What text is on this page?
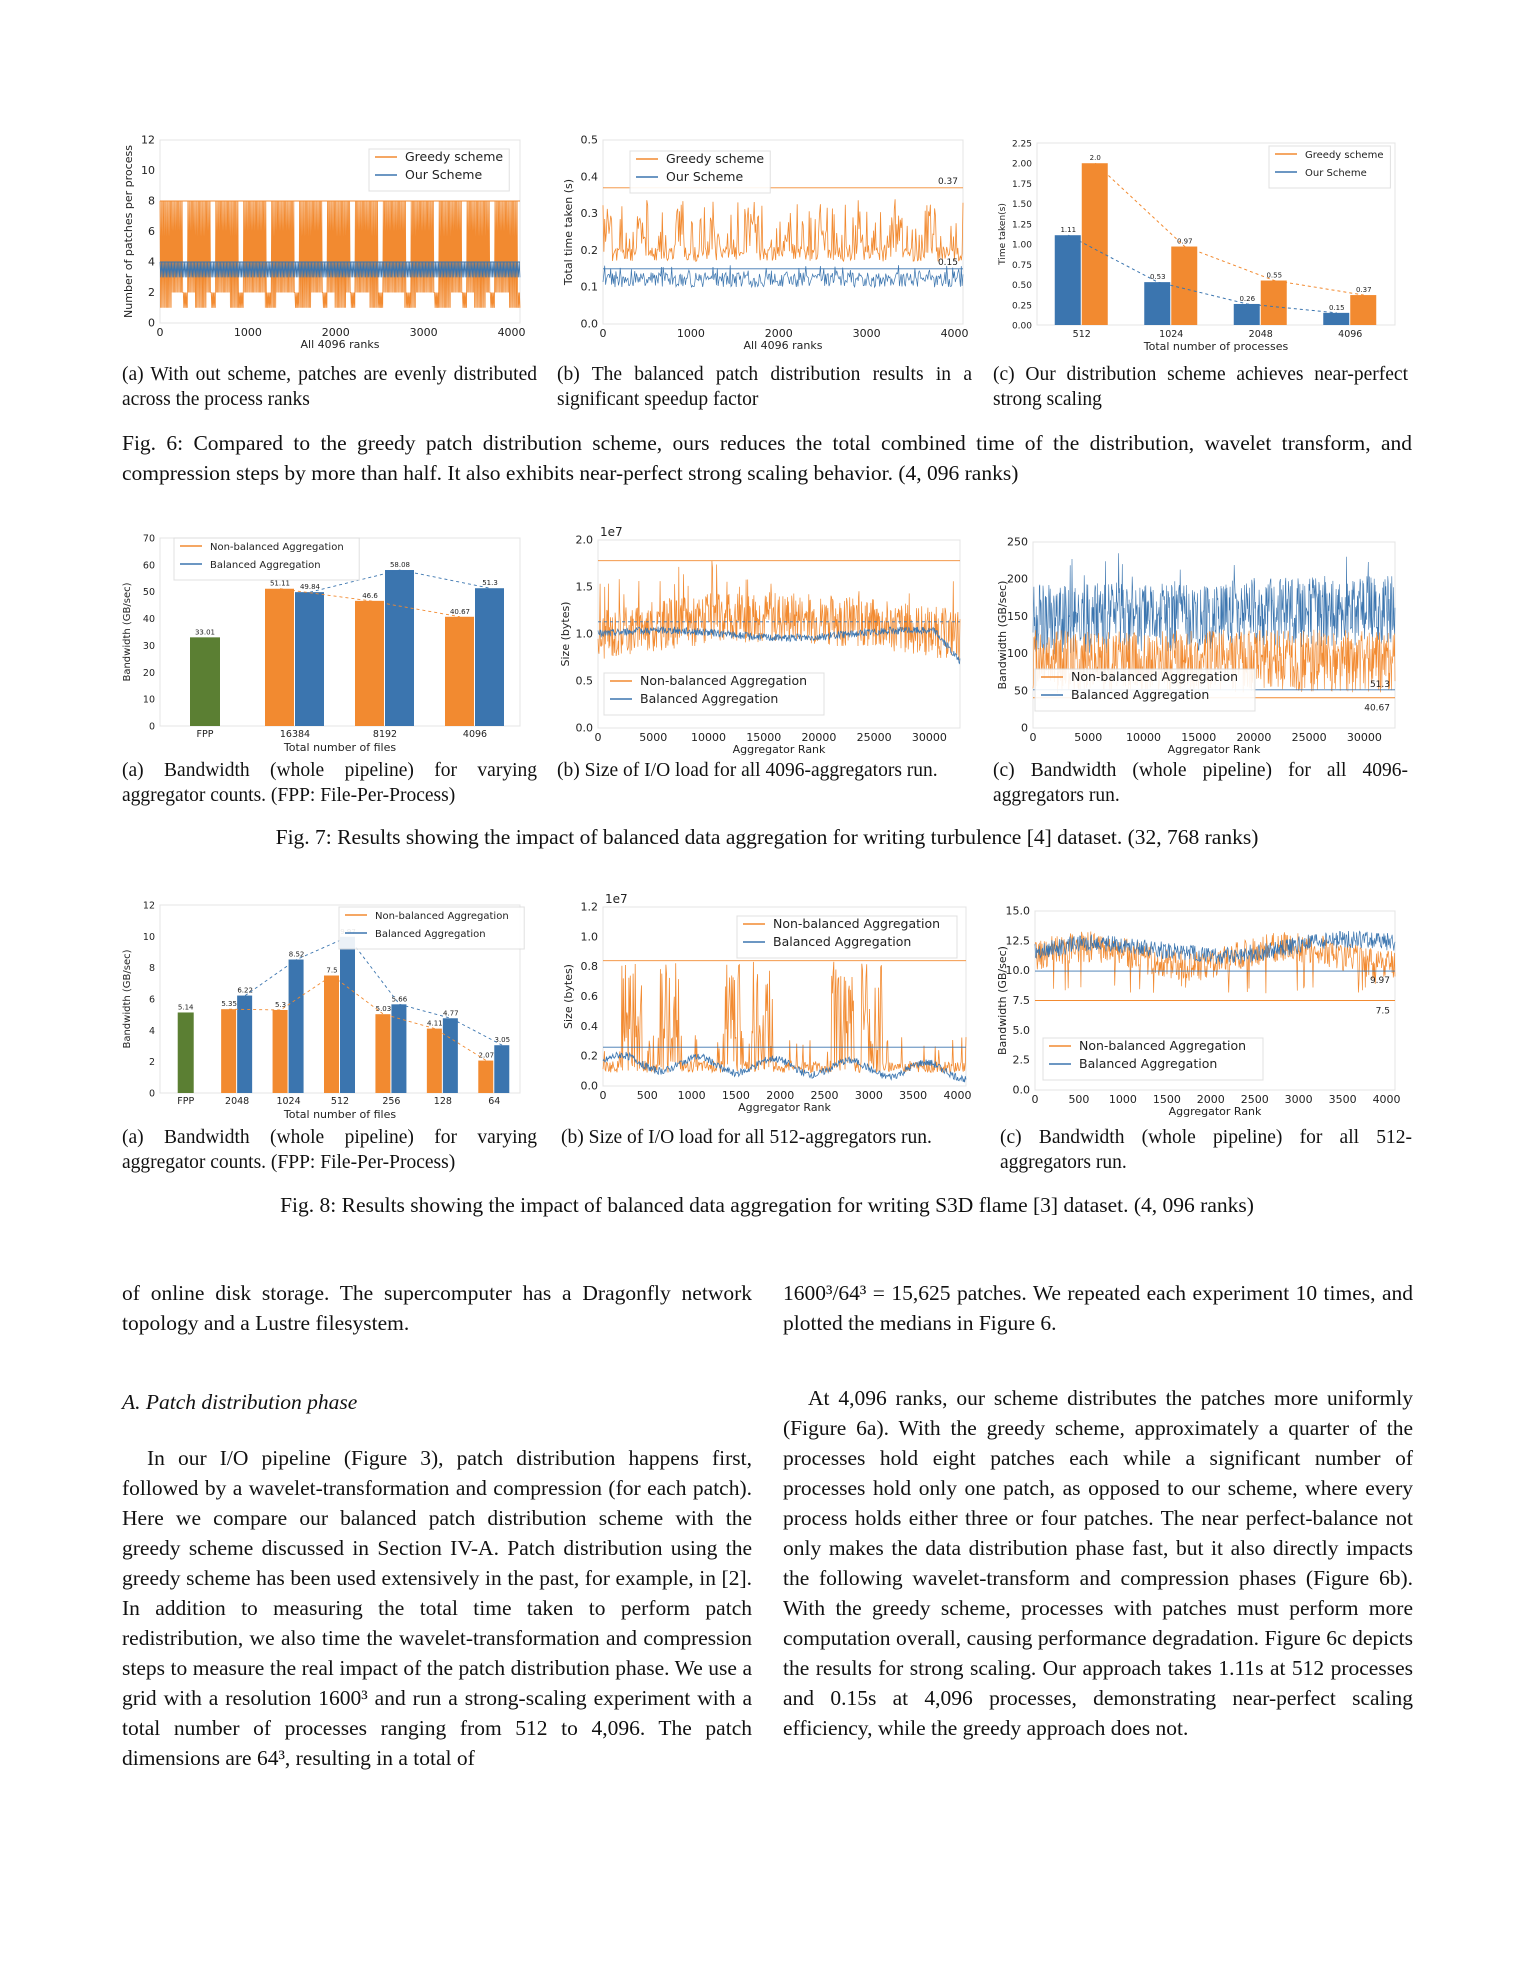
0
2
4
6
8
10
12
0	1000	2000	3000	4000
All 4096 ranks
Number of patches per process	Greedy scheme
Our Scheme
0.0
0.1
0.2
0.3
0.4
0.5
0	1000	2000	3000	4000
All 4096 ranks
Total time taken (s)	0.37
0.15
Greedy scheme
Our Scheme
0.00
0.25
0.50
0.75
1.00
1.25
1.50
1.75
2.00
2.25
Total number of processes
Time taken(s)
512
1.11
2.0
1024
0.53
0.97
2048
0.26
0.55
4096
0.15
0.37
Greedy scheme
Our Scheme

(a) With out scheme, patches are evenly distributed across the process ranks

(b) The balanced patch distribution results in a significant speedup factor

(c) Our distribution scheme achieves near-perfect strong scaling

Fig. 6: Compared to the greedy patch distribution scheme, ours reduces the total combined time of the distribution, wavelet transform, and compression steps by more than half. It also exhibits near-perfect strong scaling behavior. (4, 096 ranks)

0
10
20
30
40
50
60
70
Total number of files
Bandwidth (GB/sec)
FPP
33.01
16384
51.11 49.84
8192
46.6
58.08
4096
40.67
51.3
Non-balanced Aggregation
Balanced Aggregation
0.0
0.5
1.0
1.5
2.0
0	5000 10000 15000 20000 25000 30000
Aggregator Rank
Size (bytes)
1e7
Non-balanced Aggregation
Balanced Aggregation
0
50
100
150
200
250
0	5000 10000 15000 20000 25000 30000
Aggregator Rank
Bandwidth (GB/sec)	51.3
40.67
Non-balanced Aggregation
Balanced Aggregation

(a) Bandwidth (whole pipeline) for varying aggregator counts. (FPP: File-Per-Process)

(b) Size of I/O load for all 4096-aggregators run.	(c) Bandwidth (whole pipeline) for all 4096-aggregators run.

Fig. 7: Results showing the impact of balanced data aggregation for writing turbulence [4] dataset. (32, 768 ranks)

0
2
4
6
8
10
12
Total number of files
Bandwidth (GB/sec)
FPP
5.14
2048
5.35
6.22
1024
5.3
8.52
512
7.5
256
5.03
5.66
128
4.11
4.77
64
2.07
3.05
Non-balanced Aggregation
Balanced Aggregation
0.0
0.2
0.4
0.6
0.8
1.0
1.2
0	500 1000 1500 2000 2500 3000 3500 4000
Aggregator Rank
Size (bytes)
1e7
Non-balanced Aggregation
Balanced Aggregation
0.0
2.5
5.0
7.5
10.0
12.5
15.0
0	500 1000 1500 2000 2500 3000 3500 4000
Aggregator Rank
Bandwidth (GB/sec)	9.97
7.5
Non-balanced Aggregation
Balanced Aggregation

(a) Bandwidth (whole pipeline) for varying aggregator counts. (FPP: File-Per-Process)

(b) Size of I/O load for all 512-aggregators run.	(c) Bandwidth (whole pipeline) for all 512-aggregators run.

Fig. 8: Results showing the impact of balanced data aggregation for writing S3D flame [3] dataset. (4, 096 ranks)

of online disk storage. The supercomputer has a Dragonfly network topology and a Lustre filesystem.

A. Patch distribution phase

In our I/O pipeline (Figure 3), patch distribution happens first, followed by a wavelet-transformation and compression (for each patch). Here we compare our balanced patch distribution scheme with the greedy scheme discussed in Section IV-A. Patch distribution using the greedy scheme has been used extensively in the past, for example, in [2]. In addition to measuring the total time taken to perform patch redistribution, we also time the wavelet-transformation and compression steps to measure the real impact of the patch distribution phase. We use a grid with a resolution 1600³ and run a strong-scaling experiment with a total number of processes ranging from 512 to 4,096. The patch dimensions are 64³, resulting in a total of

1600³/64³ = 15,625 patches. We repeated each experiment 10 times, and plotted the medians in Figure 6.

At 4,096 ranks, our scheme distributes the patches more uniformly (Figure 6a). With the greedy scheme, approximately a quarter of the processes hold eight patches each while a significant number of processes hold only one patch, as opposed to our scheme, where every process holds either three or four patches. The near perfect-balance not only makes the data distribution phase fast, but it also directly impacts the following wavelet-transform and compression phases (Figure 6b). With the greedy scheme, processes with patches must perform more computation overall, causing performance degradation. Figure 6c depicts the results for strong scaling. Our approach takes 1.11s at 512 processes and 0.15s at 4,096 processes, demonstrating near-perfect scaling efficiency, while the greedy approach does not.
